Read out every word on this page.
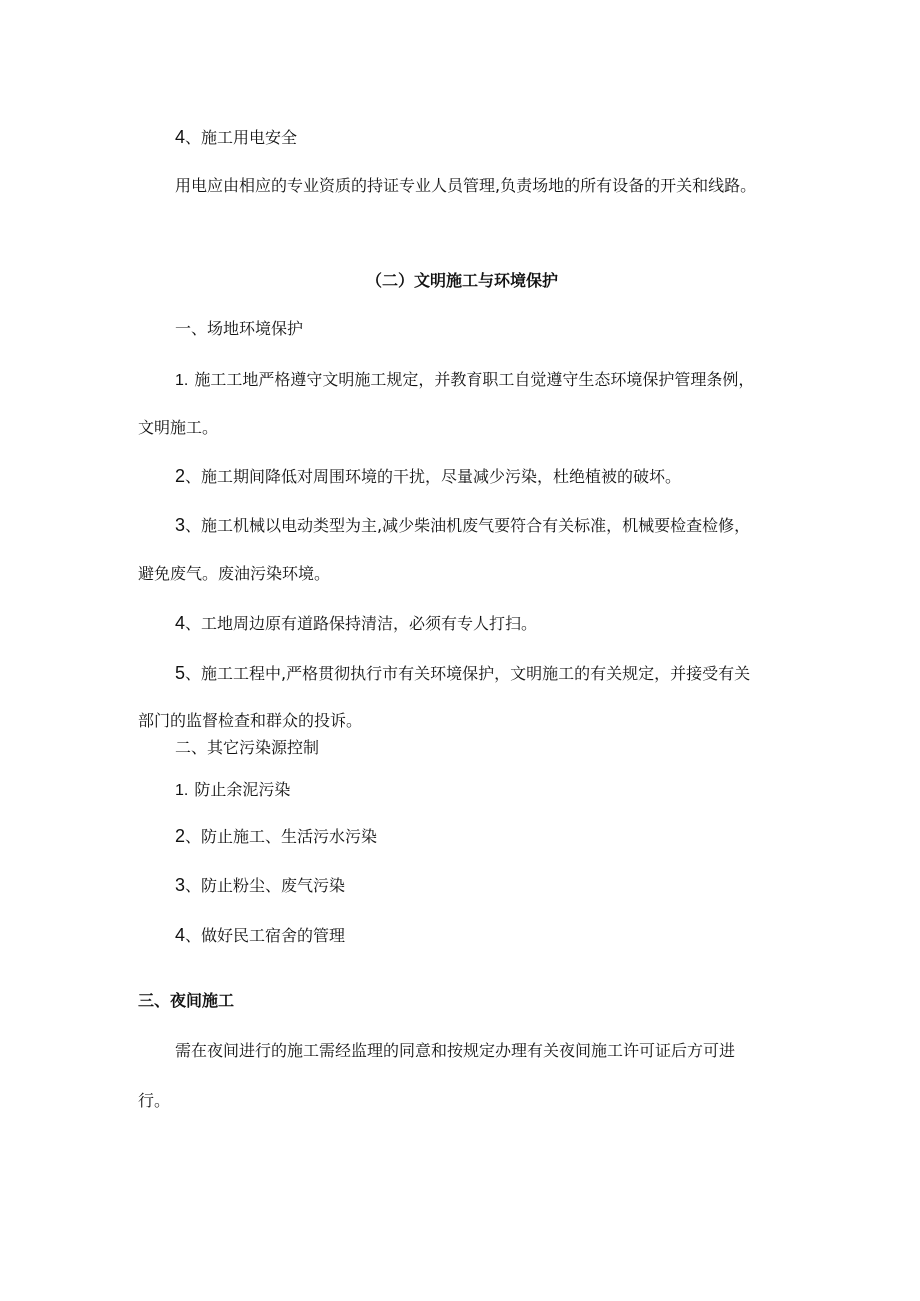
4、施工用电安全
用电应由相应的专业资质的持证专业人员管理,负责场地的所有设备的开关和线路。
（二）文明施工与环境保护
一、场地环境保护
1. 施工工地严格遵守文明施工规定，并教育职工自觉遵守生态环境保护管理条例，
文明施工。
2、施工期间降低对周围环境的干扰，尽量减少污染，杜绝植被的破坏。
3、施工机械以电动类型为主,减少柴油机废气要符合有关标准，机械要检查检修，
避免废气。废油污染环境。
4、工地周边原有道路保持清洁，必须有专人打扫。
5、施工工程中,严格贯彻执行市有关环境保护，文明施工的有关规定，并接受有关
部门的监督检查和群众的投诉。
二、其它污染源控制
1. 防止余泥污染
2、防止施工、生活污水污染
3、防止粉尘、废气污染
4、做好民工宿舍的管理
三、夜间施工
需在夜间进行的施工需经监理的同意和按规定办理有关夜间施工许可证后方可进
行。
